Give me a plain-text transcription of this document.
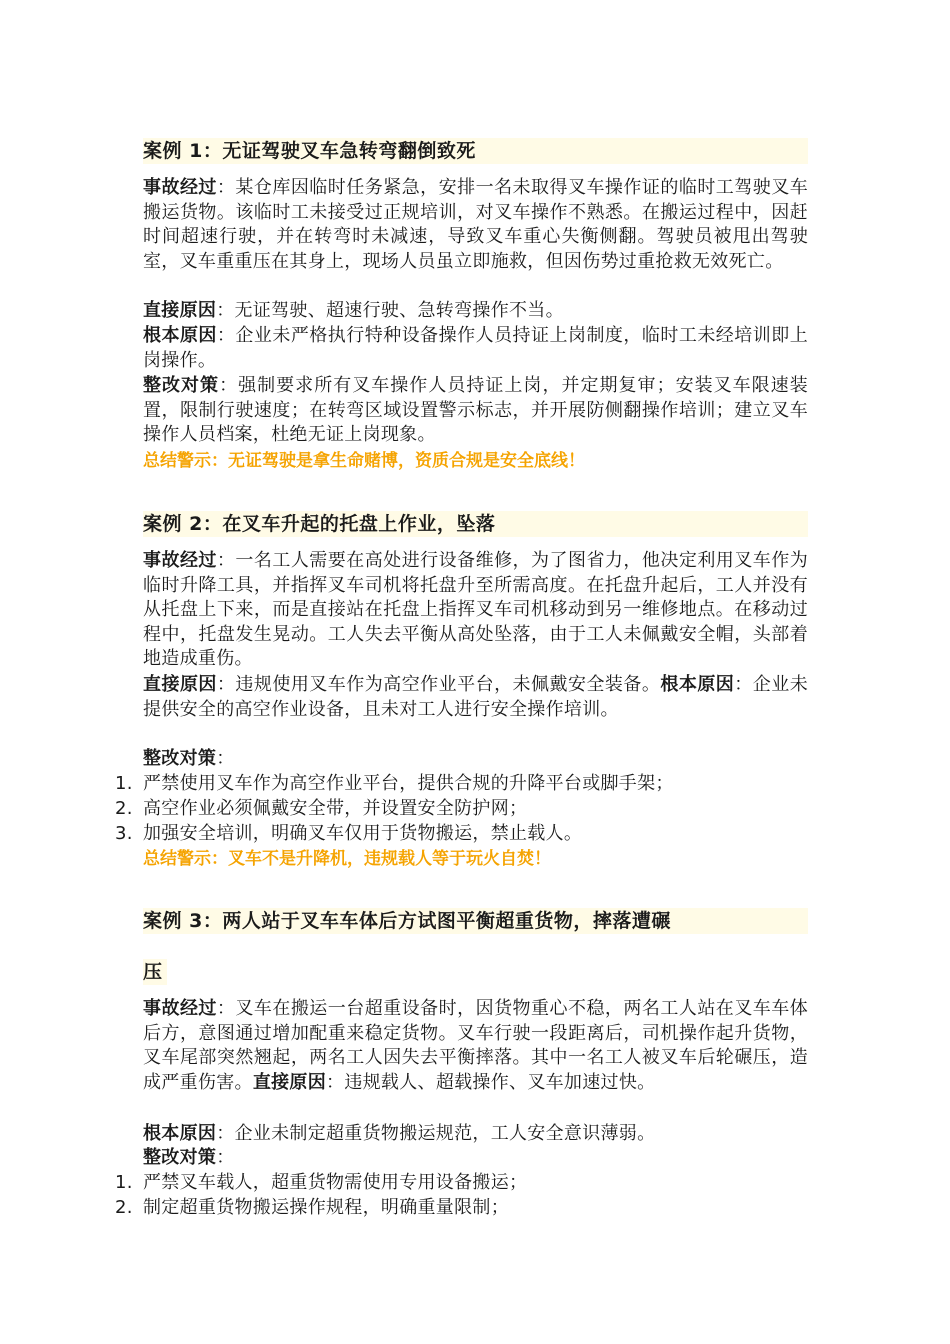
案例 1：无证驾驶叉车急转弯翻倒致死
事故经过：某仓库因临时任务紧急，安排一名未取得叉车操作证的临时工驾驶叉车搬运货物。该临时工未接受过正规培训，对叉车操作不熟悉。在搬运过程中，因赶时间超速行驶，并在转弯时未减速，导致叉车重心失衡侧翻。驾驶员被甩出驾驶室，叉车重重压在其身上，现场人员虽立即施救，但因伤势过重抢救无效死亡。
直接原因：无证驾驶、超速行驶、急转弯操作不当。
根本原因：企业未严格执行特种设备操作人员持证上岗制度，临时工未经培训即上岗操作。
整改对策：强制要求所有叉车操作人员持证上岗，并定期复审；安装叉车限速装置，限制行驶速度；在转弯区域设置警示标志，并开展防侧翻操作培训；建立叉车操作人员档案，杜绝无证上岗现象。
总结警示：无证驾驶是拿生命赌博，资质合规是安全底线！
案例 2：在叉车升起的托盘上作业，坠落
事故经过：一名工人需要在高处进行设备维修，为了图省力，他决定利用叉车作为临时升降工具，并指挥叉车司机将托盘升至所需高度。在托盘升起后，工人并没有从托盘上下来，而是直接站在托盘上指挥叉车司机移动到另一维修地点。在移动过程中，托盘发生晃动。工人失去平衡从高处坠落，由于工人未佩戴安全帽，头部着地造成重伤。
直接原因：违规使用叉车作为高空作业平台，未佩戴安全装备。根本原因：企业未提供安全的高空作业设备，且未对工人进行安全操作培训。
整改对策：
1. 严禁使用叉车作为高空作业平台，提供合规的升降平台或脚手架；
2. 高空作业必须佩戴安全带，并设置安全防护网；
3. 加强安全培训，明确叉车仅用于货物搬运，禁止载人。
总结警示：叉车不是升降机，违规载人等于玩火自焚！
案例 3：两人站于叉车车体后方试图平衡超重货物，摔落遭碾
压
事故经过：叉车在搬运一台超重设备时，因货物重心不稳，两名工人站在叉车车体后方，意图通过增加配重来稳定货物。叉车行驶一段距离后，司机操作起升货物，叉车尾部突然翘起，两名工人因失去平衡摔落。其中一名工人被叉车后轮碾压，造成严重伤害。直接原因：违规载人、超载操作、叉车加速过快。
根本原因：企业未制定超重货物搬运规范，工人安全意识薄弱。
整改对策：
1. 严禁叉车载人，超重货物需使用专用设备搬运；
2. 制定超重货物搬运操作规程，明确重量限制；
